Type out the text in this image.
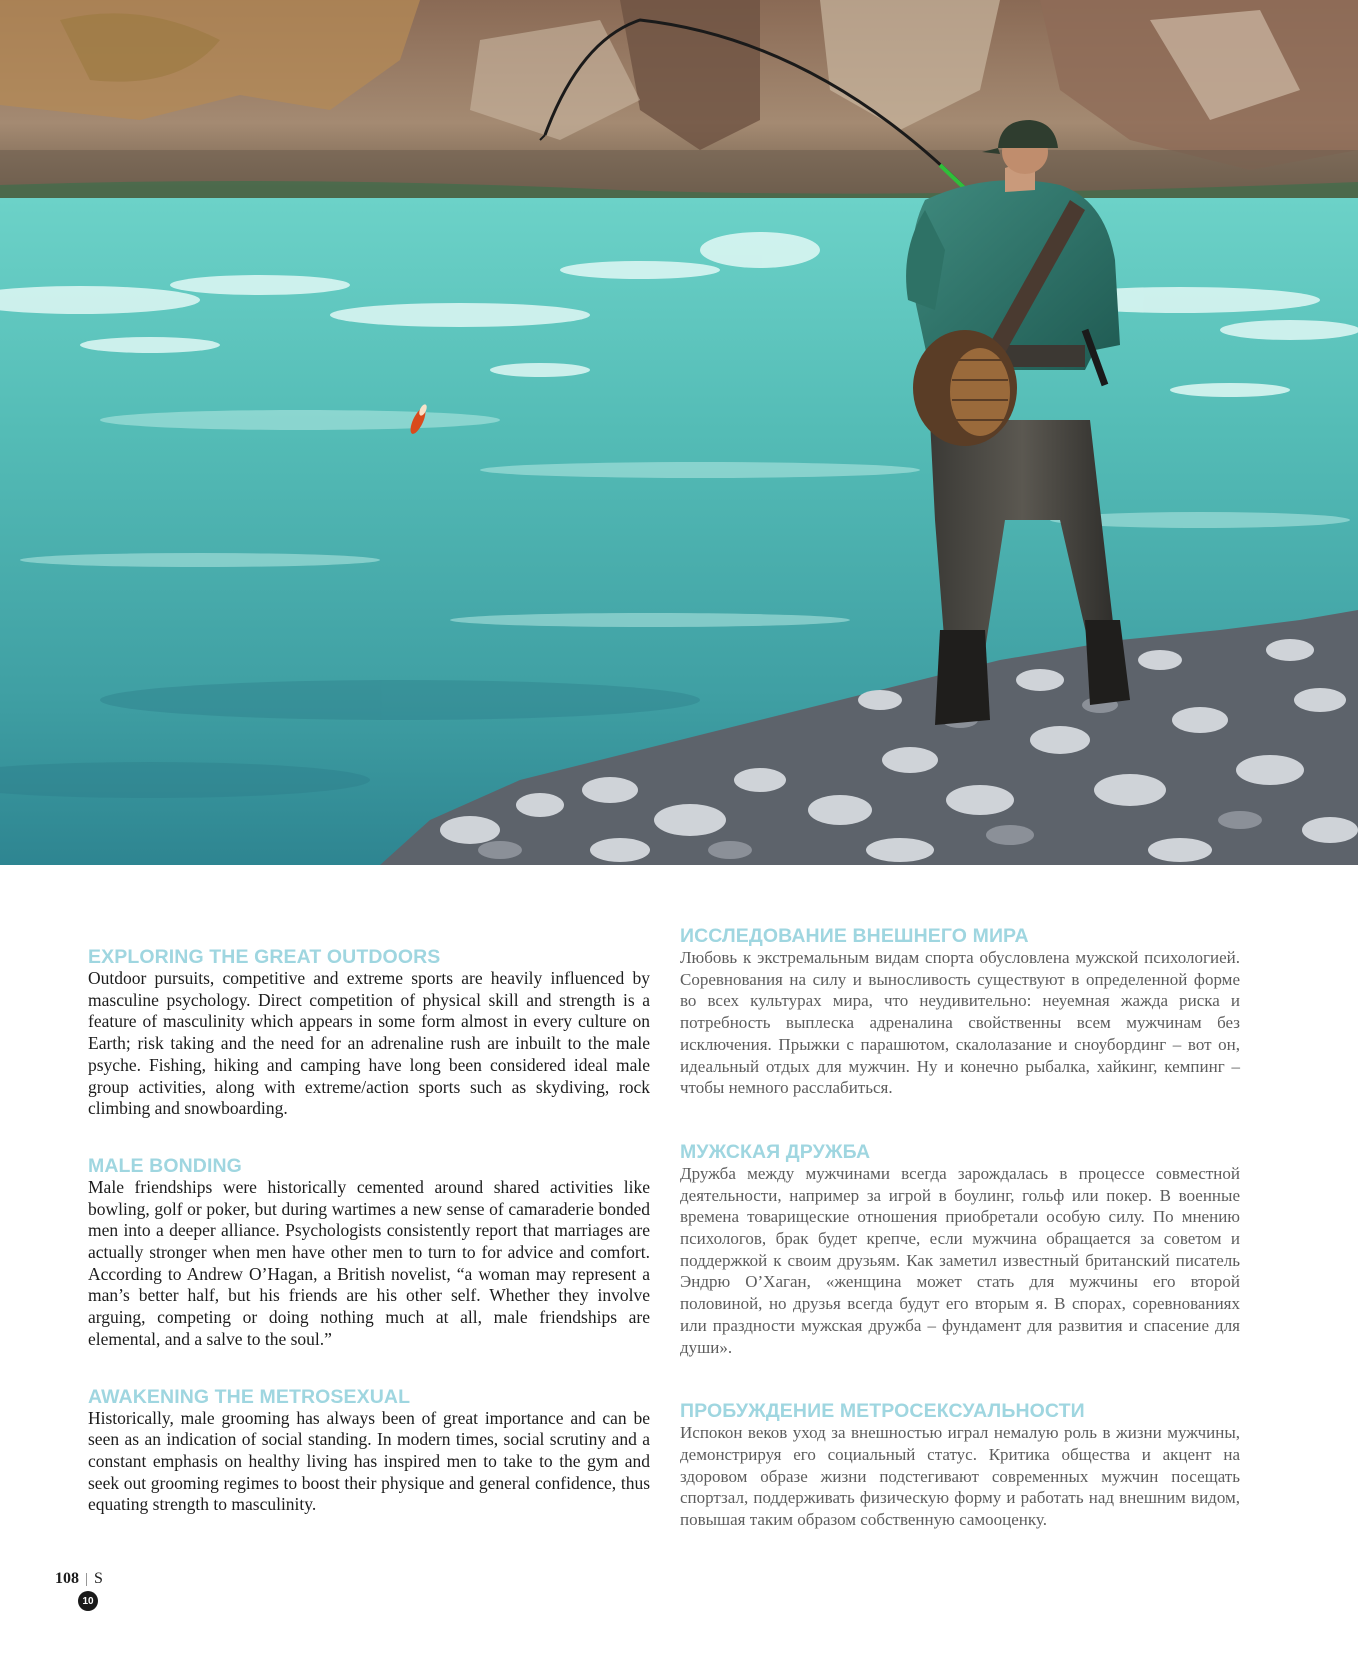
EXPLORING THE GREAT OUTDOORS

Outdoor pursuits, competitive and extreme sports are heavily influenced by masculine psychology. Direct competition of physical skill and strength is a feature of masculinity which appears in some form almost in every culture on Earth; risk taking and the need for an adrenaline rush are inbuilt to the male psyche. Fishing, hiking and camping have long been considered ideal male group activities, along with extreme/action sports such as skydiving, rock climbing and snowboarding.

MALE BONDING

Male friendships were historically cemented around shared activities like bowling, golf or poker, but during wartimes a new sense of camaraderie bonded men into a deeper alliance. Psychologists consistently report that marriages are actually stronger when men have other men to turn to for advice and comfort. According to Andrew O’Hagan, a British novelist, “a woman may represent a man’s better half, but his friends are his other self. Whether they involve arguing, competing or doing nothing much at all, male friendships are elemental, and a salve to the soul.”

AWAKENING THE METROSEXUAL

Historically, male grooming has always been of great importance and can be seen as an indication of social standing. In modern times, social scrutiny and a constant emphasis on healthy living has inspired men to take to the gym and seek out grooming regimes to boost their physique and general confidence, thus equating strength to masculinity.

ИССЛЕДОВАНИЕ ВНЕШНЕГО МИРА

Любовь к экстремальным видам спорта обусловлена мужской психологией. Соревнования на силу и выносливость существуют в определенной форме во всех культурах мира, что неудивительно: неуемная жажда риска и потребность выплеска адреналина свойственны всем мужчинам без исключения. Прыжки с парашютом, скалолазание и сноубординг – вот он, идеальный отдых для мужчин. Ну и конечно рыбалка, хайкинг, кемпинг – чтобы немного расслабиться.

МУЖСКАЯ ДРУЖБА

Дружба между мужчинами всегда зарождалась в процессе совместной деятельности, например за игрой в боулинг, гольф или покер. В военные времена товарищеские отношения приобретали особую силу. По мнению психологов, брак будет крепче, если мужчина обращается за советом и поддержкой к своим друзьям. Как заметил известный британский писатель Эндрю О’Хаган, «женщина может стать для мужчины его второй половиной, но друзья всегда будут его вторым я. В спорах, соревнованиях или праздности мужская дружба – фундамент для развития и спасение для души».

ПРОБУЖДЕНИЕ МЕТРОСЕКСУАЛЬНОСТИ

Испокон веков уход за внешностью играл немалую роль в жизни мужчины, демонстрируя его социальный статус. Критика общества и акцент на здоровом образе жизни подстегивают современных мужчин посещать спортзал, поддерживать физическую форму и работать над внешним видом, повышая таким образом собственную самооценку.

108 | S
10
